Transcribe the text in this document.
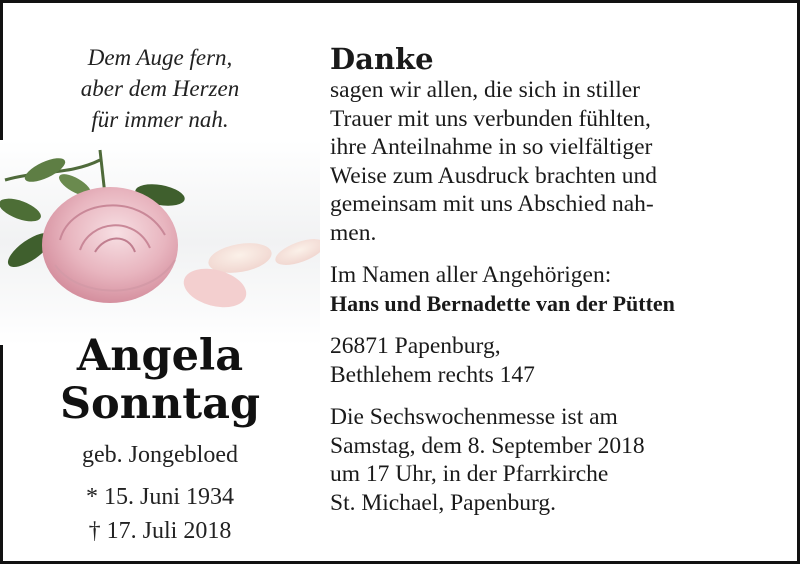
Dem Auge fern,
aber dem Herzen
für immer nah.
Angela
Sonntag
geb. Jongebloed
* 15. Juni 1934
† 17. Juli 2018
Danke
sagen wir allen, die sich in stiller
Trauer mit uns verbunden fühlten,
ihre Anteilnahme in so vielfältiger
Weise zum Ausdruck brachten und
gemeinsam mit uns Abschied nah-
men.
Im Namen aller Angehörigen:
Hans und Bernadette van der Pütten
26871 Papenburg,
Bethlehem rechts 147
Die Sechswochenmesse ist am
Samstag, dem 8. September 2018
um 17 Uhr, in der Pfarrkirche
St. Michael, Papenburg.
